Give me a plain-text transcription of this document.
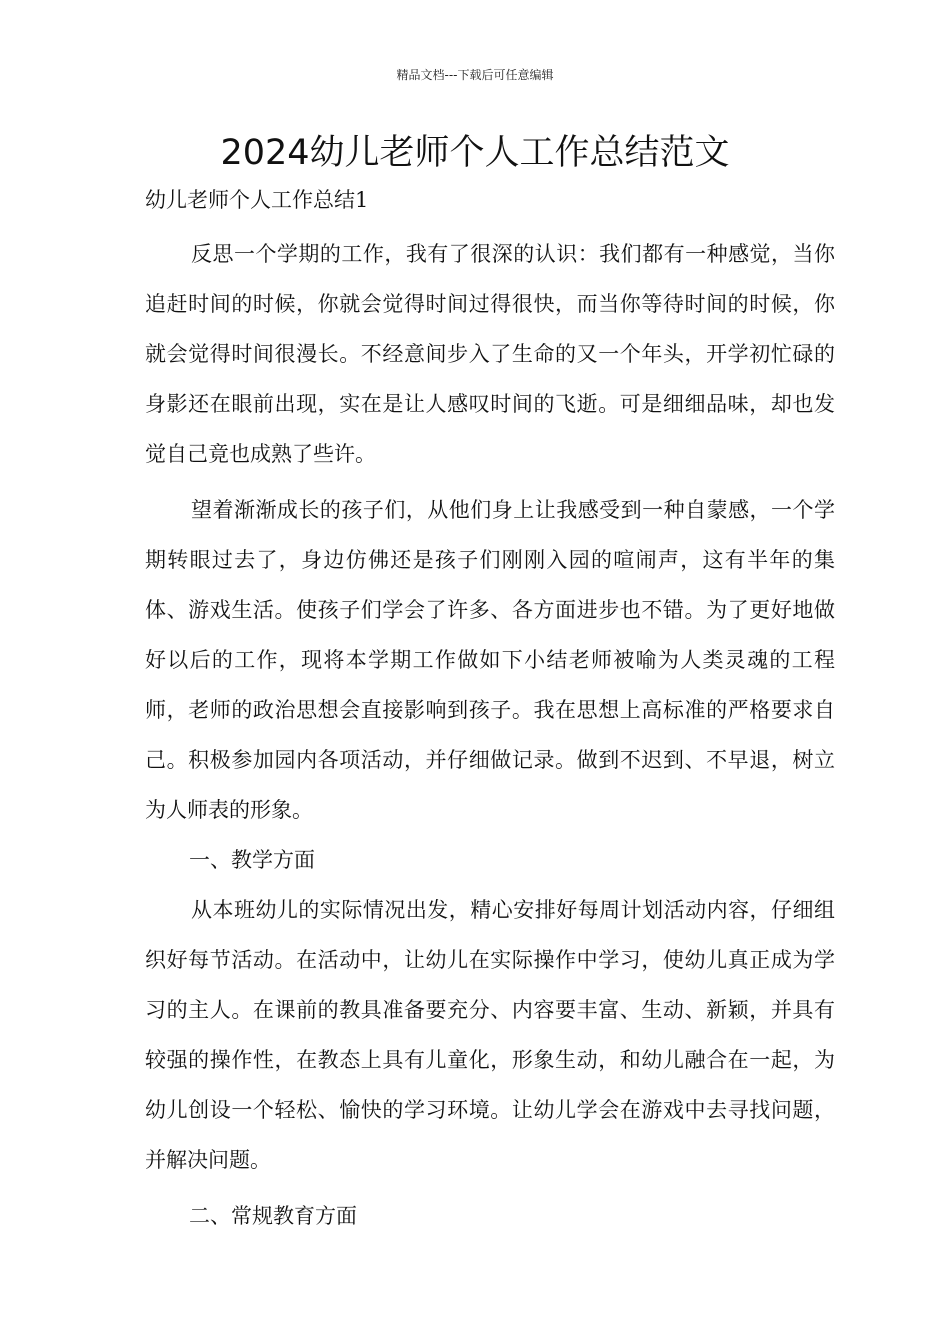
精品文档---下载后可任意编辑
2024幼儿老师个人工作总结范文

幼儿老师个人工作总结1

反思一个学期的工作，我有了很深的认识：我们都有一种感觉，当你追赶时间的时候，你就会觉得时间过得很快，而当你等待时间的时候，你就会觉得时间很漫长。不经意间步入了生命的又一个年头，开学初忙碌的身影还在眼前出现，实在是让人感叹时间的飞逝。可是细细品味，却也发觉自己竟也成熟了些许。

望着渐渐成长的孩子们，从他们身上让我感受到一种自蒙感，一个学期转眼过去了，身边仿佛还是孩子们刚刚入园的喧闹声，这有半年的集体、游戏生活。使孩子们学会了许多、各方面进步也不错。为了更好地做好以后的工作，现将本学期工作做如下小结老师被喻为人类灵魂的工程师，老师的政治思想会直接影响到孩子。我在思想上高标准的严格要求自己。积极参加园内各项活动，并仔细做记录。做到不迟到、不早退，树立为人师表的形象。

一、教学方面

从本班幼儿的实际情况出发，精心安排好每周计划活动内容，仔细组织好每节活动。在活动中，让幼儿在实际操作中学习，使幼儿真正成为学习的主人。在课前的教具准备要充分、内容要丰富、生动、新颖，并具有较强的操作性，在教态上具有儿童化，形象生动，和幼儿融合在一起，为幼儿创设一个轻松、愉快的学习环境。让幼儿学会在游戏中去寻找问题，并解决问题。

二、常规教育方面
